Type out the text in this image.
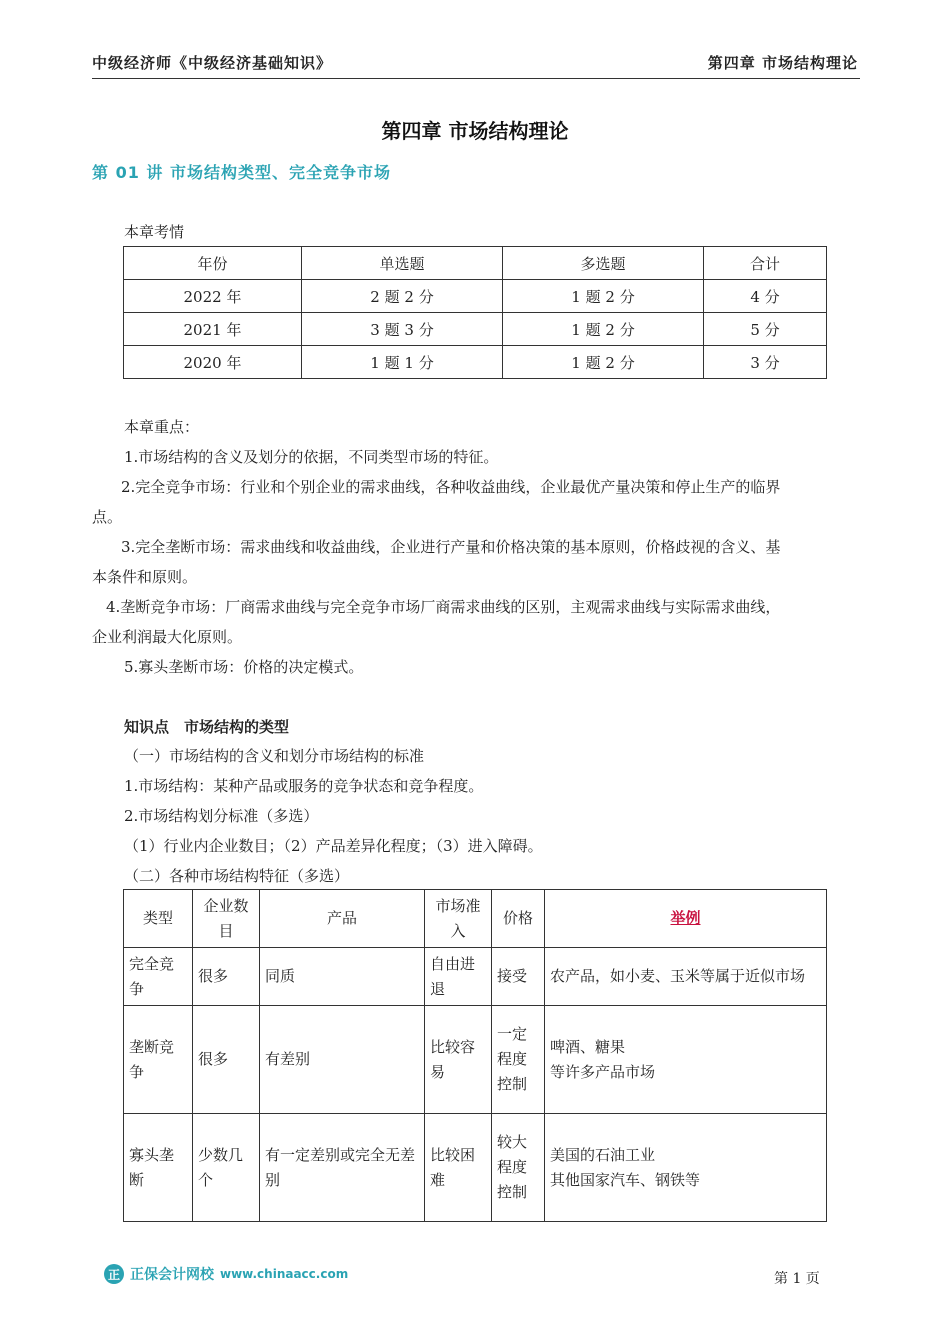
中级经济师《中级经济基础知识》	第四章 市场结构理论
第四章 市场结构理论
第 01 讲 市场结构类型、完全竞争市场
本章考情
年份	单选题	多选题	合计
2022 年	2 题 2 分	1 题 2 分	4 分
2021 年	3 题 3 分	1 题 2 分	5 分
2020 年	1 题 1 分	1 题 2 分	3 分
本章重点：
1.市场结构的含义及划分的依据，不同类型市场的特征。
2.完全竞争市场：行业和个别企业的需求曲线，各种收益曲线，企业最优产量决策和停止生产的临界
点。
3.完全垄断市场：需求曲线和收益曲线，企业进行产量和价格决策的基本原则，价格歧视的含义、基
本条件和原则。
4.垄断竞争市场：厂商需求曲线与完全竞争市场厂商需求曲线的区别，主观需求曲线与实际需求曲线，
企业利润最大化原则。
5.寡头垄断市场：价格的决定模式。
知识点　市场结构的类型
（一）市场结构的含义和划分市场结构的标准
1.市场结构：某种产品或服务的竞争状态和竞争程度。
2.市场结构划分标准（多选）
（1）行业内企业数目；（2）产品差异化程度；（3）进入障碍。
（二）各种市场结构特征（多选）
类型	企业数目	产品	市场准入	价格	举例
完全竞争	很多	同质	自由进退	接受	农产品，如小麦、玉米等属于近似市场
垄断竞争	很多	有差别	比较容易	一定程度控制	啤酒、糖果
等许多产品市场
寡头垄断	少数几个	有一定差别或完全无差别	比较困难	较大程度控制	美国的石油工业
其他国家汽车、钢铁等
正 正保会计网校 www.chinaacc.com	第 1 页
